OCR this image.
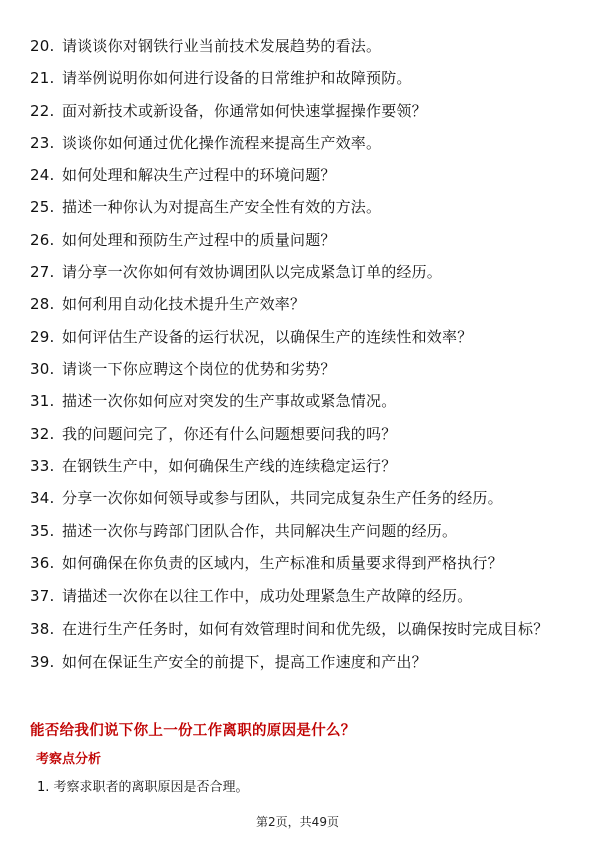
20. 请谈谈你对钢铁行业当前技术发展趋势的看法。
21. 请举例说明你如何进行设备的日常维护和故障预防。
22. 面对新技术或新设备，你通常如何快速掌握操作要领？
23. 谈谈你如何通过优化操作流程来提高生产效率。
24. 如何处理和解决生产过程中的环境问题？
25. 描述一种你认为对提高生产安全性有效的方法。
26. 如何处理和预防生产过程中的质量问题？
27. 请分享一次你如何有效协调团队以完成紧急订单的经历。
28. 如何利用自动化技术提升生产效率？
29. 如何评估生产设备的运行状况，以确保生产的连续性和效率？
30. 请谈一下你应聘这个岗位的优势和劣势？
31. 描述一次你如何应对突发的生产事故或紧急情况。
32. 我的问题问完了，你还有什么问题想要问我的吗？
33. 在钢铁生产中，如何确保生产线的连续稳定运行？
34. 分享一次你如何领导或参与团队，共同完成复杂生产任务的经历。
35. 描述一次你与跨部门团队合作，共同解决生产问题的经历。
36. 如何确保在你负责的区域内，生产标准和质量要求得到严格执行？
37. 请描述一次你在以往工作中，成功处理紧急生产故障的经历。
38. 在进行生产任务时，如何有效管理时间和优先级，以确保按时完成目标？
39. 如何在保证生产安全的前提下，提高工作速度和产出？
能否给我们说下你上一份工作离职的原因是什么？
考察点分析
1. 考察求职者的离职原因是否合理。
第2页，共49页
